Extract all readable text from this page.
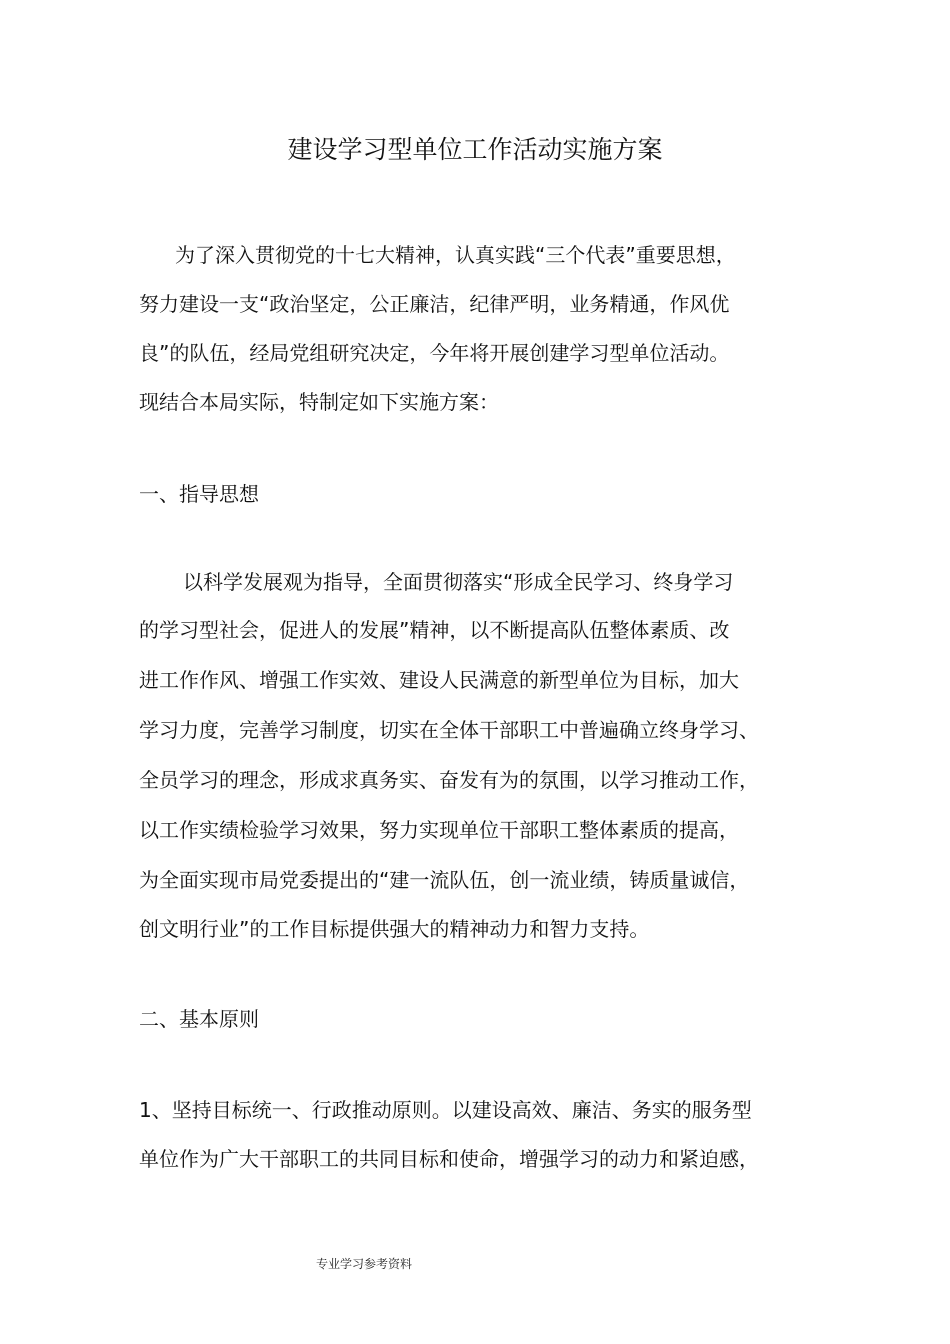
建设学习型单位工作活动实施方案
为了深入贯彻党的十七大精神，认真实践“三个代表”重要思想，
努力建设一支“政治坚定，公正廉洁，纪律严明，业务精通，作风优
良”的队伍，经局党组研究决定，今年将开展创建学习型单位活动。
现结合本局实际，特制定如下实施方案：
一、指导思想
以科学发展观为指导，全面贯彻落实“形成全民学习、终身学习
的学习型社会，促进人的发展”精神，以不断提高队伍整体素质、改
进工作作风、增强工作实效、建设人民满意的新型单位为目标，加大
学习力度，完善学习制度，切实在全体干部职工中普遍确立终身学习、
全员学习的理念，形成求真务实、奋发有为的氛围，以学习推动工作，
以工作实绩检验学习效果，努力实现单位干部职工整体素质的提高，
为全面实现市局党委提出的“建一流队伍，创一流业绩，铸质量诚信，
创文明行业”的工作目标提供强大的精神动力和智力支持。
二、基本原则
1、坚持目标统一、行政推动原则。以建设高效、廉洁、务实的服务型
单位作为广大干部职工的共同目标和使命，增强学习的动力和紧迫感，
专业学习参考资料
